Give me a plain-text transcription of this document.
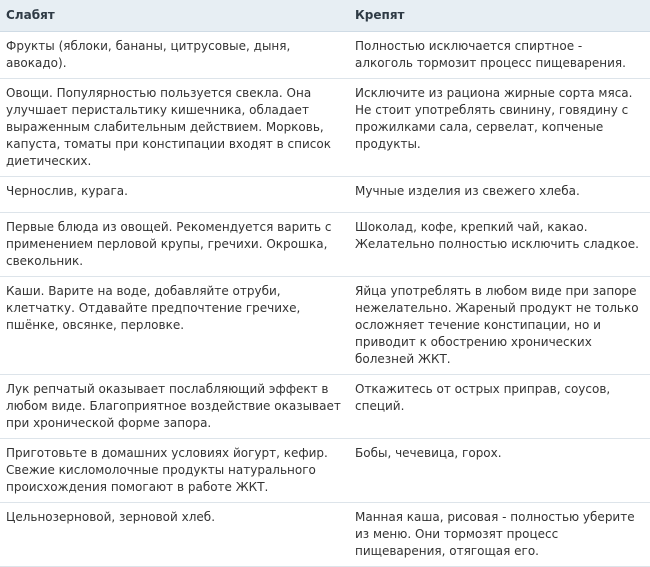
Слабят	Крепят
Фрукты (яблоки, бананы, цитрусовые, дыня, авокадо).	Полностью исключается спиртное - алкоголь тормозит процесс пищеварения.
Овощи. Популярностью пользуется свекла. Она улучшает перистальтику кишечника, обладает выраженным слабительным действием. Морковь, капуста, томаты при констипации входят в список диетических.	Исключите из рациона жирные сорта мяса. Не стоит употреблять свинину, говядину с прожилками сала, сервелат, копченые продукты.
Чернослив, курага.	Мучные изделия из свежего хлеба.
Первые блюда из овощей. Рекомендуется варить с применением перловой крупы, гречихи. Окрошка, свекольник.	Шоколад, кофе, крепкий чай, какао. Желательно полностью исключить сладкое.
Каши. Варите на воде, добавляйте отруби, клетчатку. Отдавайте предпочтение гречихе, пшёнке, овсянке, перловке.	Яйца употреблять в любом виде при запоре нежелательно. Жареный продукт не только осложняет течение констипации, но и приводит к обострению хронических болезней ЖКТ.
Лук репчатый оказывает послабляющий эффект в любом виде. Благоприятное воздействие оказывает при хронической форме запора.	Откажитесь от острых приправ, соусов, специй.
Приготовьте в домашних условиях йогурт, кефир. Свежие кисломолочные продукты натурального происхождения помогают в работе ЖКТ.	Бобы, чечевица, горох.
Цельнозерновой, зерновой хлеб.	Манная каша, рисовая - полностью уберите из меню. Они тормозят процесс пищеварения, отягощая его.
